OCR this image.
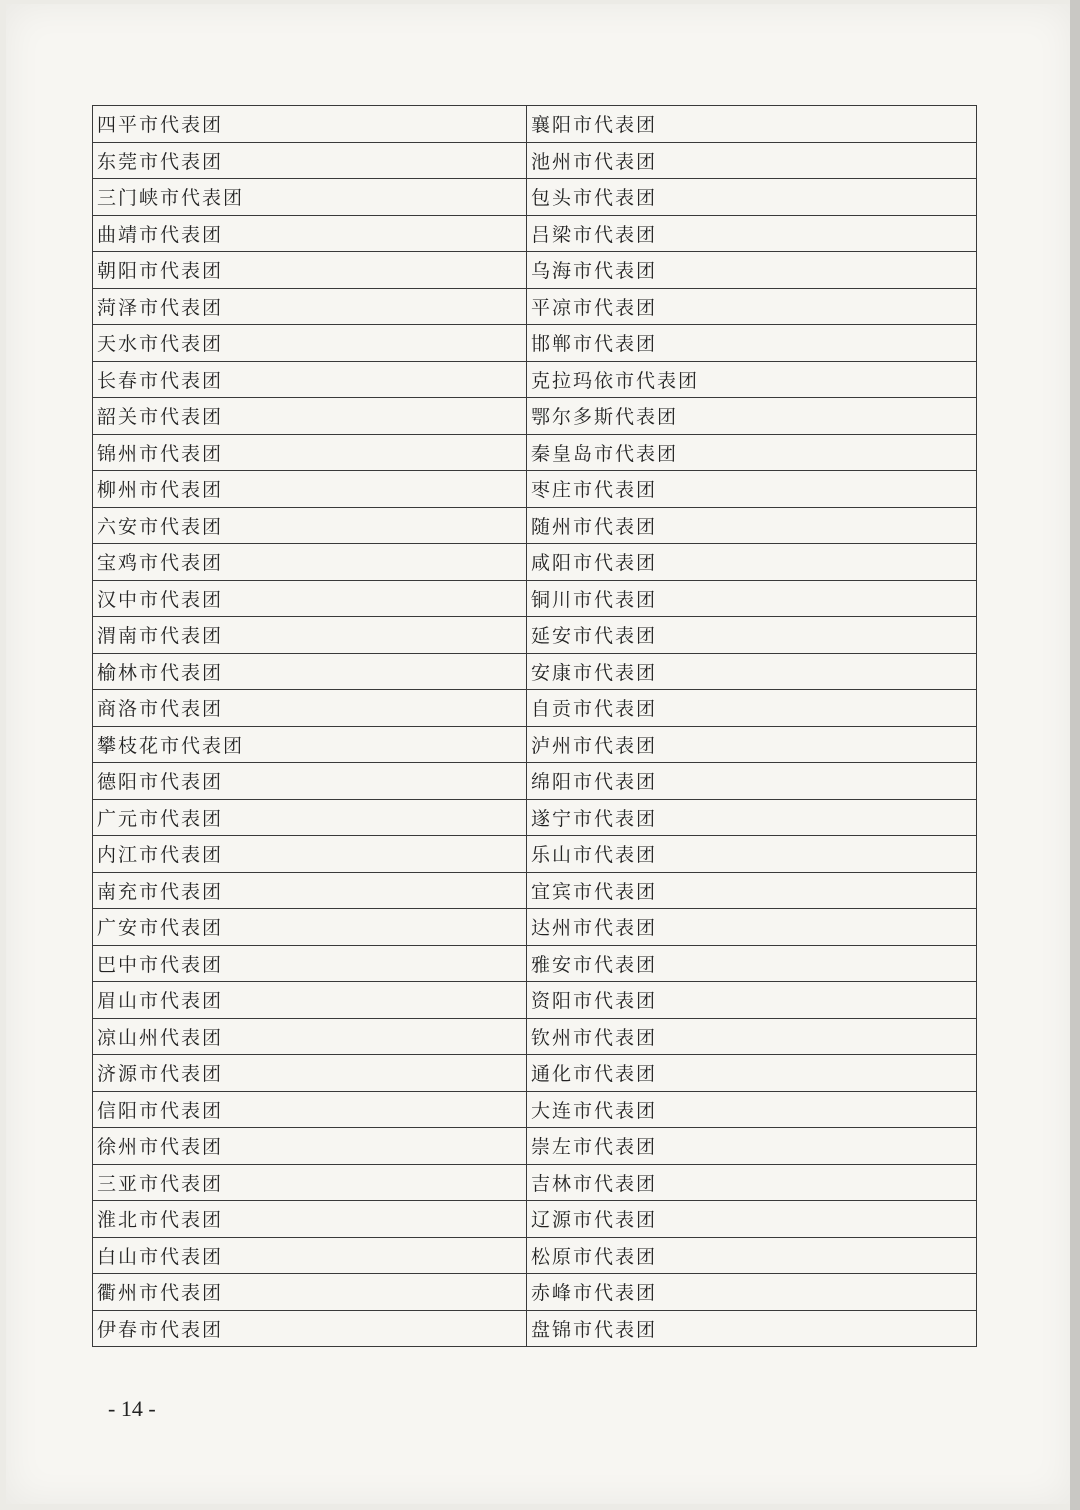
四平市代表团	襄阳市代表团
东莞市代表团	池州市代表团
三门峡市代表团	包头市代表团
曲靖市代表团	吕梁市代表团
朝阳市代表团	乌海市代表团
菏泽市代表团	平凉市代表团
天水市代表团	邯郸市代表团
长春市代表团	克拉玛依市代表团
韶关市代表团	鄂尔多斯代表团
锦州市代表团	秦皇岛市代表团
柳州市代表团	枣庄市代表团
六安市代表团	随州市代表团
宝鸡市代表团	咸阳市代表团
汉中市代表团	铜川市代表团
渭南市代表团	延安市代表团
榆林市代表团	安康市代表团
商洛市代表团	自贡市代表团
攀枝花市代表团	泸州市代表团
德阳市代表团	绵阳市代表团
广元市代表团	遂宁市代表团
内江市代表团	乐山市代表团
南充市代表团	宜宾市代表团
广安市代表团	达州市代表团
巴中市代表团	雅安市代表团
眉山市代表团	资阳市代表团
凉山州代表团	钦州市代表团
济源市代表团	通化市代表团
信阳市代表团	大连市代表团
徐州市代表团	崇左市代表团
三亚市代表团	吉林市代表团
淮北市代表团	辽源市代表团
白山市代表团	松原市代表团
衢州市代表团	赤峰市代表团
伊春市代表团	盘锦市代表团
- 14 -
